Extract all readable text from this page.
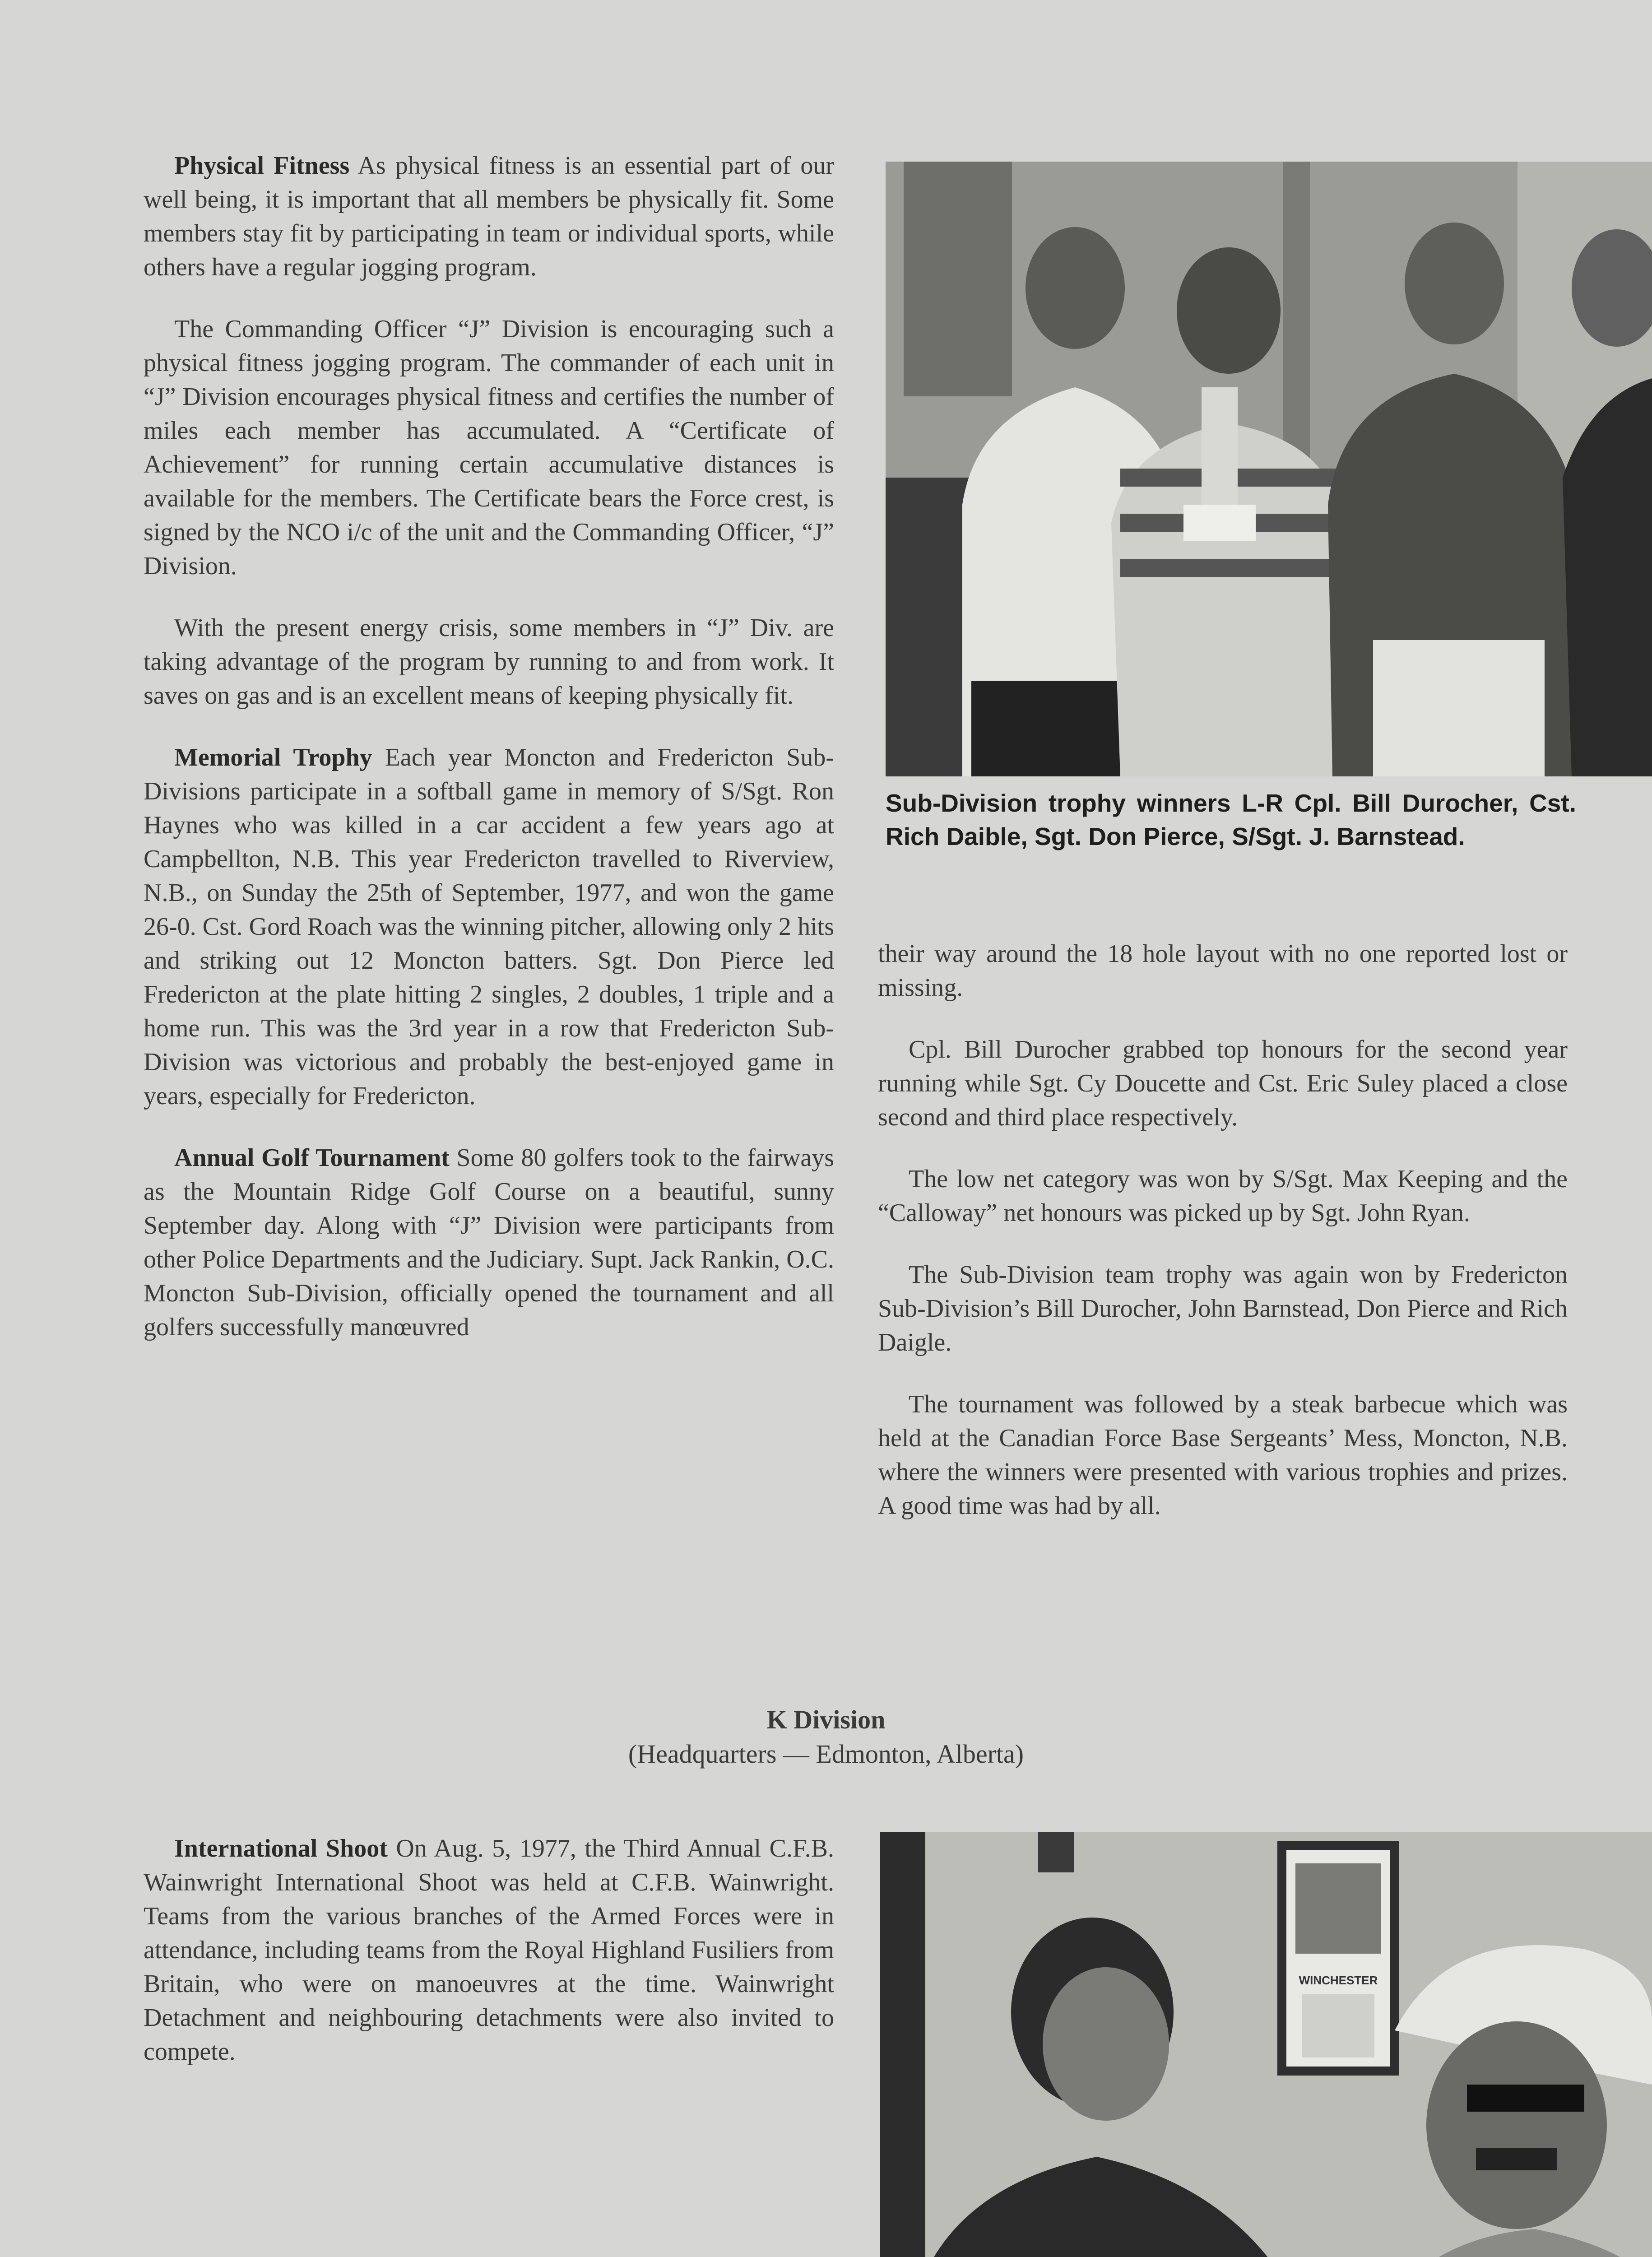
Physical Fitness As physical fitness is an essential part of our well being, it is important that all members be physically fit. Some members stay fit by participating in team or individual sports, while others have a regular jogging program.

The Commanding Officer “J” Division is encouraging such a physical fitness jogging program. The commander of each unit in “J” Division encourages physical fitness and certifies the number of miles each member has accumulated. A “Certificate of Achievement” for running certain accumulative distances is available for the members. The Certificate bears the Force crest, is signed by the NCO i/c of the unit and the Commanding Officer, “J” Division.

With the present energy crisis, some members in “J” Div. are taking advantage of the program by running to and from work. It saves on gas and is an excellent means of keeping physically fit.

Memorial Trophy Each year Moncton and Fredericton Sub-Divisions participate in a softball game in memory of S/Sgt. Ron Haynes who was killed in a car accident a few years ago at Campbellton, N.B. This year Fredericton travelled to Riverview, N.B., on Sunday the 25th of September, 1977, and won the game 26-0. Cst. Gord Roach was the winning pitcher, allowing only 2 hits and striking out 12 Moncton batters. Sgt. Don Pierce led Fredericton at the plate hitting 2 singles, 2 doubles, 1 triple and a home run. This was the 3rd year in a row that Fredericton Sub-Division was victorious and probably the best-enjoyed game in years, especially for Fredericton.

Annual Golf Tournament Some 80 golfers took to the fairways as the Mountain Ridge Golf Course on a beautiful, sunny September day. Along with “J” Division were participants from other Police Departments and the Judiciary. Supt. Jack Rankin, O.C. Moncton Sub-Division, officially opened the tournament and all golfers successfully manœuvred

Sub-Division trophy winners L-R Cpl. Bill Durocher, Cst. Rich Daible, Sgt. Don Pierce, S/Sgt. J. Barnstead.

their way around the 18 hole layout with no one reported lost or missing.

Cpl. Bill Durocher grabbed top honours for the second year running while Sgt. Cy Doucette and Cst. Eric Suley placed a close second and third place respectively.

The low net category was won by S/Sgt. Max Keeping and the “Calloway” net honours was picked up by Sgt. John Ryan.

The Sub-Division team trophy was again won by Fredericton Sub-Division’s Bill Durocher, John Barnstead, Don Pierce and Rich Daigle.

The tournament was followed by a steak barbecue which was held at the Canadian Force Base Sergeants’ Mess, Moncton, N.B. where the winners were presented with various trophies and prizes. A good time was had by all.

K Division
(Headquarters — Edmonton, Alberta)

International Shoot On Aug. 5, 1977, the Third Annual C.F.B. Wainwright International Shoot was held at C.F.B. Wainwright. Teams from the various branches of the Armed Forces were in attendance, including teams from the Royal Highland Fusiliers from Britain, who were on manoeuvres at the time. Wainwright Detachment and neighbouring detachments were also invited to compete.

WINCHESTER
